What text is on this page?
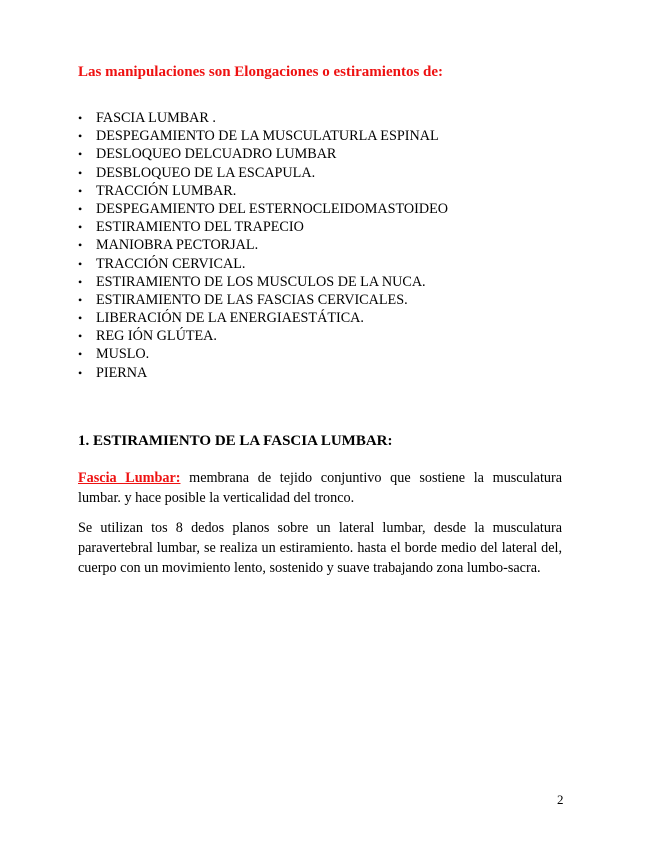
Las manipulaciones son Elongaciones o estiramientos de:
• FASCIA LUMBAR .
• DESPEGAMIENTO DE LA MUSCULATURLA ESPINAL
• DESLOQUEO DELCUADRO LUMBAR
• DESBLOQUEO DE LA ESCAPULA.
• TRACCIÓN LUMBAR.
• DESPEGAMIENTO DEL ESTERNOCLEIDOMASTOIDEO
• ESTIRAMIENTO DEL TRAPECIO
• MANIOBRA PECTORJAL.
• TRACCIÓN CERVICAL.
• ESTIRAMIENTO DE LOS MUSCULOS DE LA NUCA.
• ESTIRAMIENTO DE LAS FASCIAS CERVICALES.
• LIBERACIÓN DE LA ENERGIAESTÁTICA.
• REG IÓN GLÚTEA.
• MUSLO.
• PIERNA
1. ESTIRAMIENTO DE LA FASCIA LUMBAR:

Fascia Lumbar: membrana de tejido conjuntivo que sostiene la musculatura lumbar. y hace posible la verticalidad del tronco.

Se utilizan tos 8 dedos planos sobre un lateral lumbar, desde la musculatura paravertebral lumbar, se realiza un estiramiento. hasta el borde medio del lateral del, cuerpo con un movimiento lento, sostenido y suave trabajando zona lumbo-sacra.

2
